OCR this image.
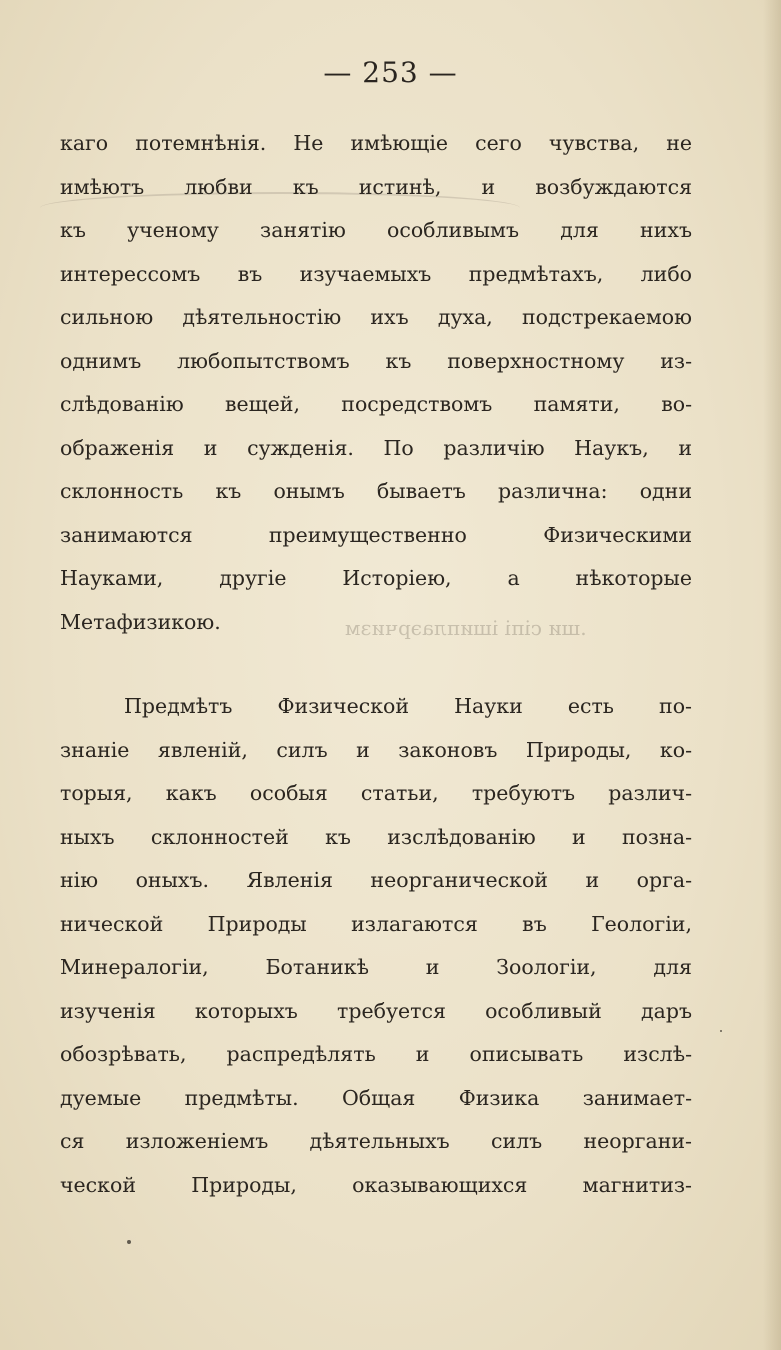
— 253 —
каго потемнѣнія. Не имѣющіе сего чувства, не
имѣютъ любви къ истинѣ, и возбуждаются
къ ученому занятію особливымъ для нихъ
интерессомъ въ изучаемыхъ предмѣтахъ, либо
сильною дѣятельностію ихъ духа, подстрекаемою
однимъ любопытствомъ къ поверхностному из-
слѣдованію вещей, посредствомъ памяти, во-
ображенія и сужденія. По различію Наукъ, и
склонность къ онымъ бываетъ различна: одни
занимаются преимущественно Физическими
Науками, другіе Исторіею, а нѣкоторые
Метафизикою.	.ши сіпі ішиплаэрчизм
Предмѣтъ Физической Науки есть по-
знаніе явленій, силъ и законовъ Природы, ко-
торыя, какъ особыя статьи, требуютъ различ-
ныхъ склонностей къ изслѣдованію и позна-
нію оныхъ. Явленія неорганической и орга-
нической Природы излагаются въ Геологіи,
Минералогіи, Ботаникѣ и Зоологіи, для
изученія которыхъ требуется особливый даръ
обозрѣвать, распредѣлять и описывать изслѣ-
дуемые предмѣты. Общая Физика занимает-
ся изложеніемъ дѣятельныхъ силъ неоргани-
ческой Природы, оказывающихся магнитиз-
